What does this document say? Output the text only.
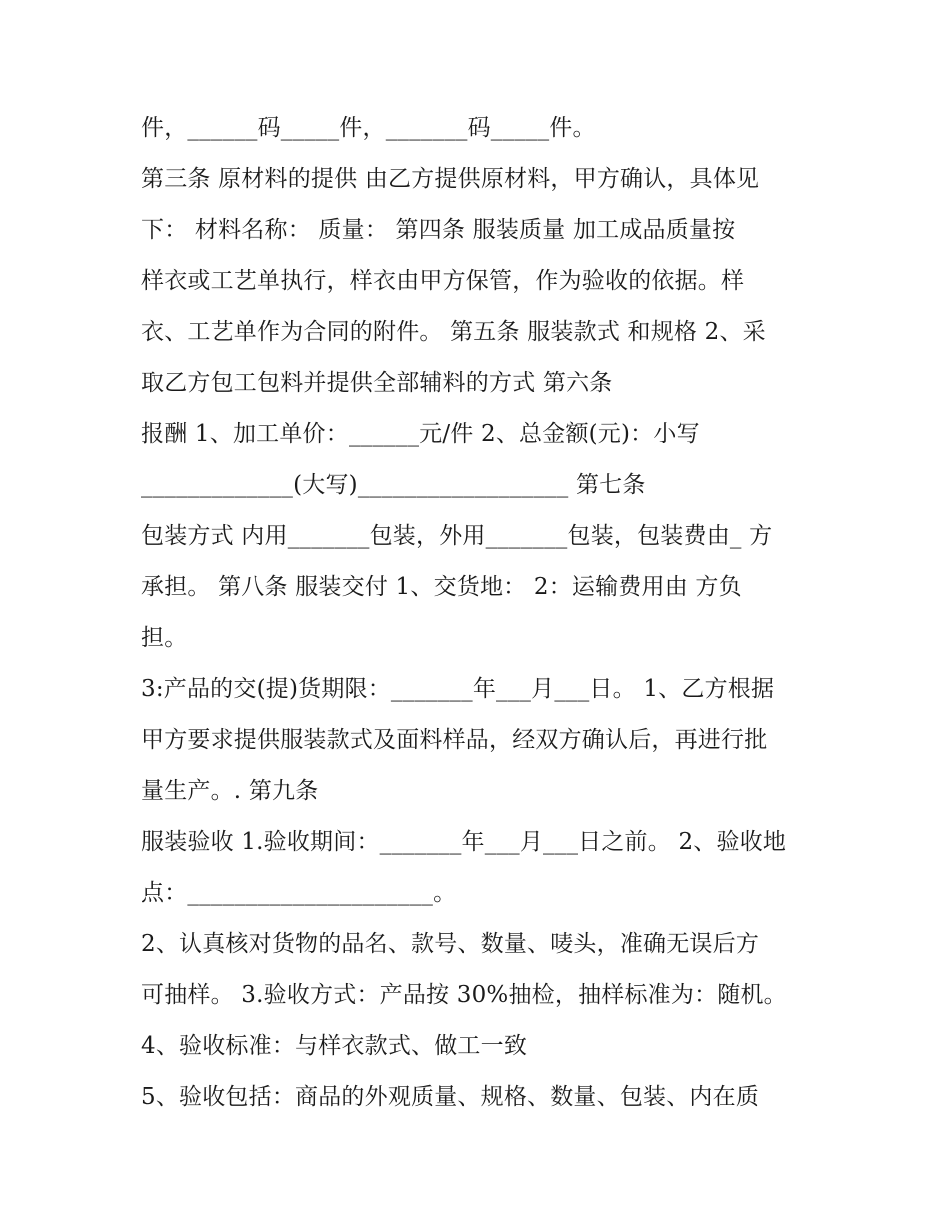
件，______码_____件，_______码_____件。
第三条 原材料的提供 由乙方提供原材料，甲方确认，具体见
下： 材料名称： 质量： 第四条 服装质量 加工成品质量按
样衣或工艺单执行，样衣由甲方保管，作为验收的依据。样
衣、工艺单作为合同的附件。 第五条 服装款式 和规格 2、采
取乙方包工包料并提供全部辅料的方式 第六条
报酬 1、加工单价：______元/件 2、总金额(元)：小写
_____________(大写)__________________ 第七条
包装方式 内用_______包装，外用_______包装，包装费由_ 方
承担。 第八条 服装交付 1、交货地： 2：运输费用由 方负
担。
3:产品的交(提)货期限：_______年___月___日。 1、乙方根据
甲方要求提供服装款式及面料样品，经双方确认后，再进行批
量生产。. 第九条
服装验收 1.验收期间：_______年___月___日之前。 2、验收地
点：_____________________。
2、认真核对货物的品名、款号、数量、唛头，准确无误后方
可抽样。 3.验收方式：产品按 30%抽检，抽样标准为：随机。
4、验收标准：与样衣款式、做工一致
5、验收包括：商品的外观质量、规格、数量、包装、内在质
